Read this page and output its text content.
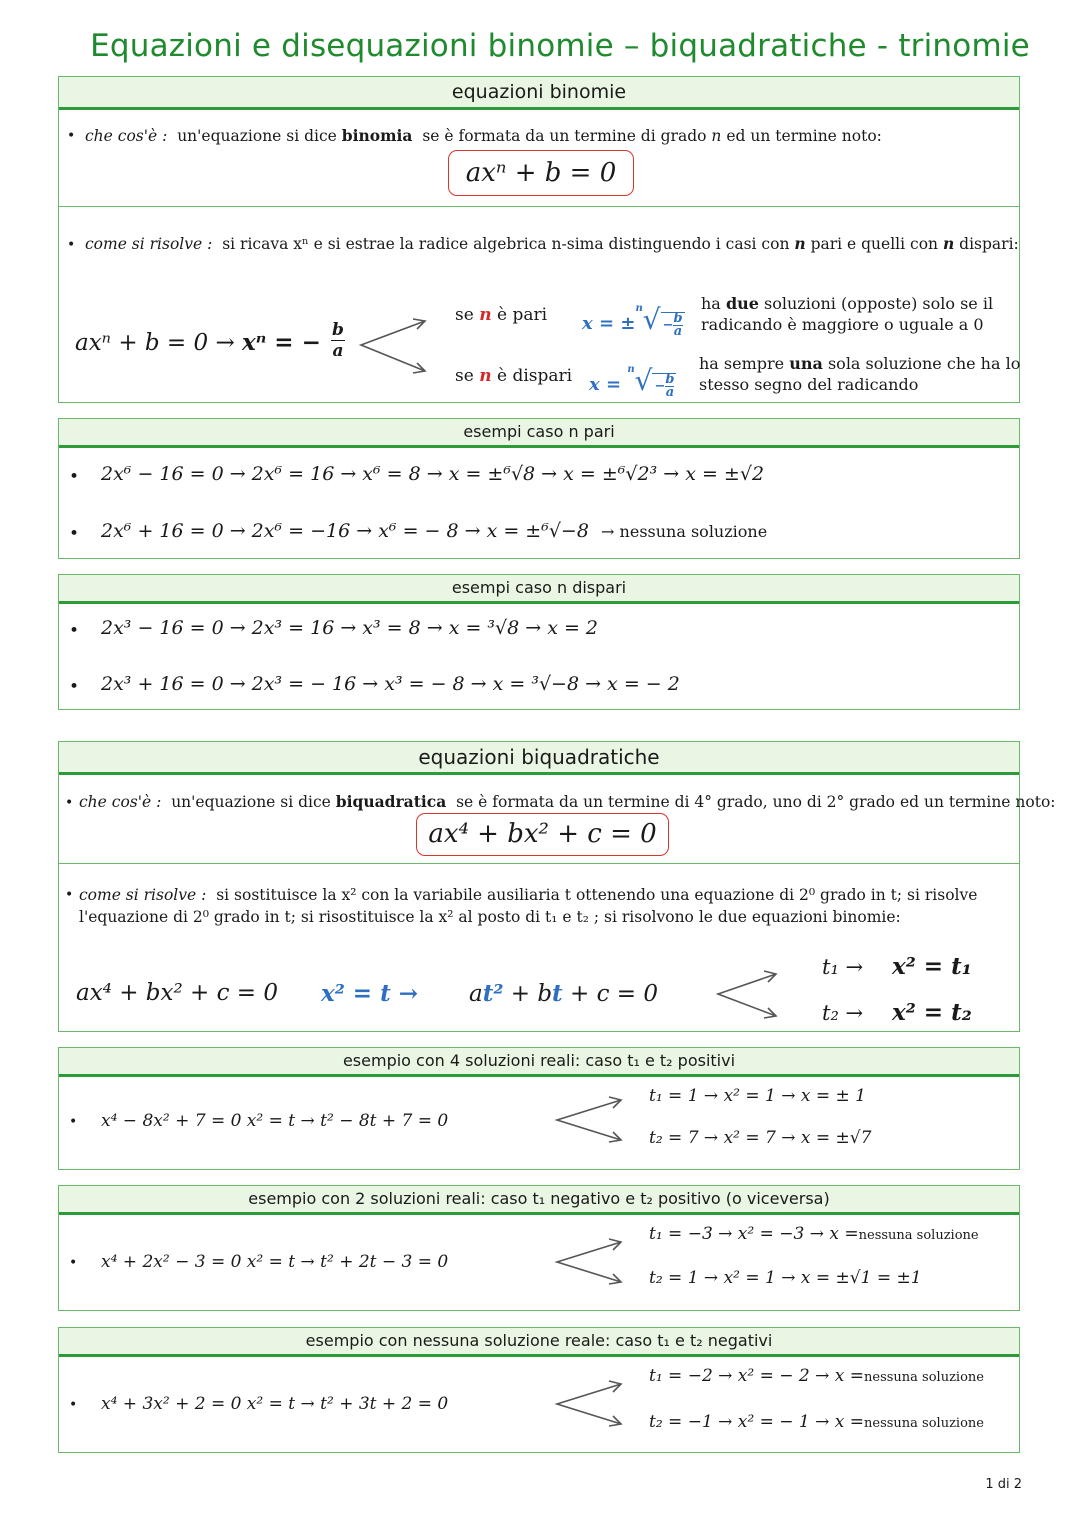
Equazioni e disequazioni binomie – biquadratiche - trinomie
equazioni binomie
• che cos'è : un'equazione si dice binomia se è formata da un termine di grado n ed un termine noto:
axⁿ + b = 0
• come si risolve : si ricava xⁿ e si estrae la radice algebrica n-sima distinguendo i casi con n pari e quelli con n dispari:
axⁿ + b = 0 → xⁿ = − b
a
se n è pari $x = \pm^n√ - \frac{b}{a}$
ha due soluzioni (opposte) solo se il
radicando è maggiore o uguale a 0
se n è dispari $x = ^n√ - \frac{b}{a}$
ha sempre una sola soluzione che ha lo
stesso segno del radicando
esempi caso n pari
• 2x⁶ − 16 = 0 → 2x⁶ = 16 → x⁶ = 8 → x = ±⁶√8 → x = ±⁶√2³ → x = ±√2
• 2x⁶ + 16 = 0 → 2x⁶ = −16 → x⁶ = − 8 → x = ±⁶√−8 → nessuna soluzione
esempi caso n dispari
• 2x³ − 16 = 0 → 2x³ = 16 → x³ = 8 → x = ³√8 → x = 2
• 2x³ + 16 = 0 → 2x³ = − 16 → x³ = − 8 → x = ³√−8 → x = − 2
equazioni biquadratiche
• che cos'è : un'equazione si dice biquadratica se è formata da un termine di 4° grado, uno di 2° grado ed un termine noto:
ax⁴ + bx² + c = 0
• come si risolve : si sostituisce la x² con la variabile ausiliaria t ottenendo una equazione di 2⁰ grado in t; si risolve
l'equazione di 2⁰ grado in t; si risostituisce la x² al posto di t₁ e t₂ ; si risolvono le due equazioni binomie:
ax⁴ + bx² + c = 0 x² = t → at² + bt + c = 0
t₁ → x² = t₁
t₂ → x² = t₂
esempio con 4 soluzioni reali: caso t₁ e t₂ positivi
• x⁴ − 8x² + 7 = 0 x² = t → t² − 8t + 7 = 0
t₁ = 1 → x² = 1 → x = ± 1
t₂ = 7 → x² = 7 → x = ±√7
esempio con 2 soluzioni reali: caso t₁ negativo e t₂ positivo (o viceversa)
• x⁴ + 2x² − 3 = 0 x² = t → t² + 2t − 3 = 0
t₁ = −3 → x² = −3 → x =nessuna soluzione
t₂ = 1 → x² = 1 → x = ±√1 = ±1
esempio con nessuna soluzione reale: caso t₁ e t₂ negativi
• x⁴ + 3x² + 2 = 0 x² = t → t² + 3t + 2 = 0
t₁ = −2 → x² = − 2 → x =nessuna soluzione
t₂ = −1 → x² = − 1 → x =nessuna soluzione
1 di 2
